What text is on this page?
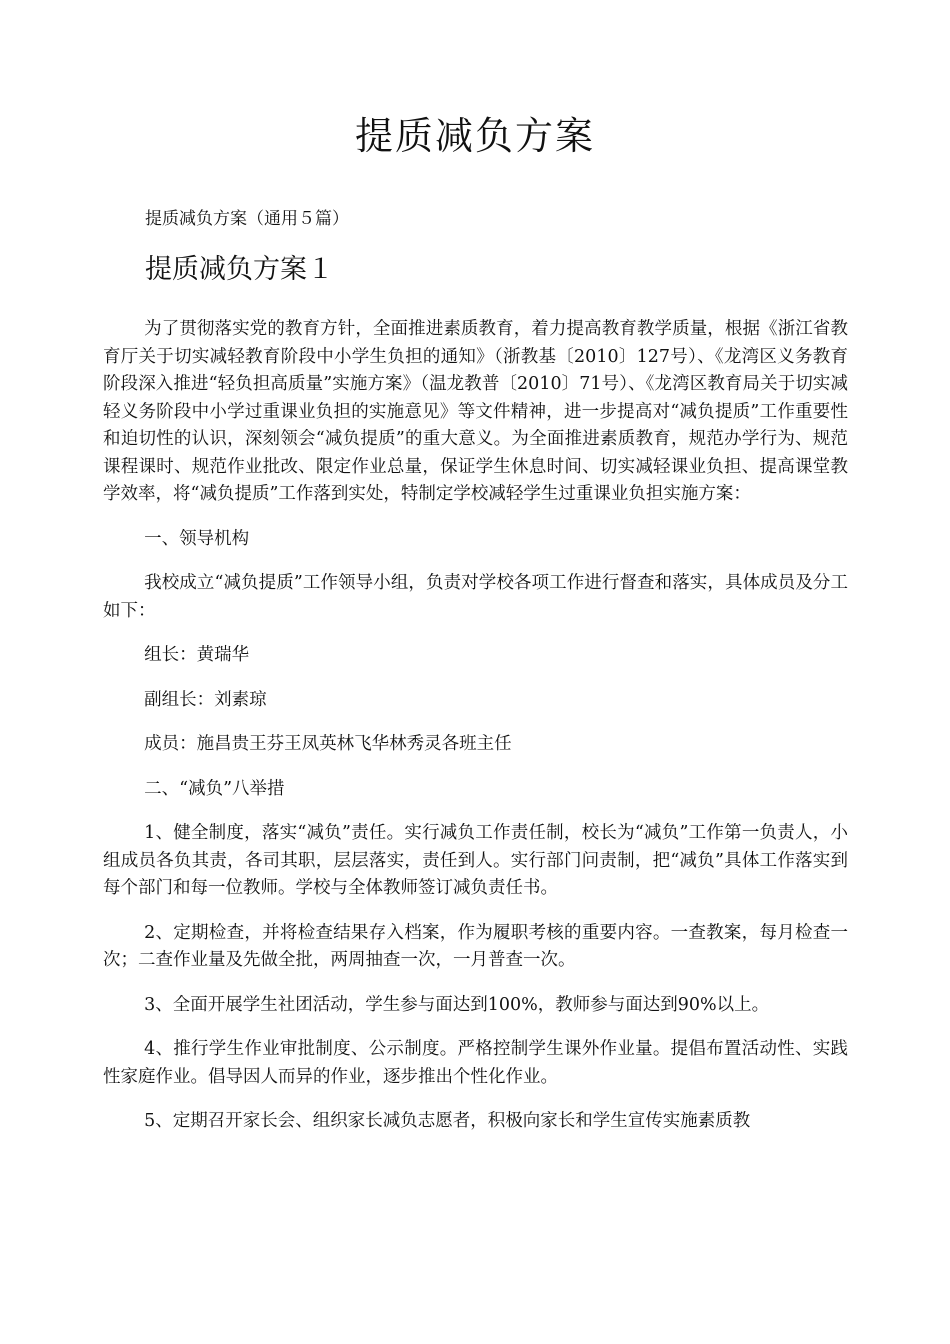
提质减负方案

提质减负方案（通用５篇）

提质减负方案１

为了贯彻落实党的教育方针，全面推进素质教育，着力提高教育教学质量，根据《浙江省教育厅关于切实减轻教育阶段中小学生负担的通知》（浙教基〔2010〕127号）、《龙湾区义务教育阶段深入推进“轻负担高质量”实施方案》（温龙教普〔2010〕71号）、《龙湾区教育局关于切实减轻义务阶段中小学过重课业负担的实施意见》等文件精神，进一步提高对“减负提质”工作重要性和迫切性的认识，深刻领会“减负提质”的重大意义。为全面推进素质教育，规范办学行为、规范课程课时、规范作业批改、限定作业总量，保证学生休息时间、切实减轻课业负担、提高课堂教学效率，将“减负提质”工作落到实处，特制定学校减轻学生过重课业负担实施方案：

一、领导机构

我校成立“减负提质”工作领导小组，负责对学校各项工作进行督查和落实，具体成员及分工如下：

组长：黄瑞华

副组长：刘素琼

成员：施昌贵王芬王凤英林飞华林秀灵各班主任

二、“减负”八举措

1、健全制度，落实“减负”责任。实行减负工作责任制，校长为“减负”工作第一负责人，小组成员各负其责，各司其职，层层落实，责任到人。实行部门问责制，把“减负”具体工作落实到每个部门和每一位教师。学校与全体教师签订减负责任书。

2、定期检查，并将检查结果存入档案，作为履职考核的重要内容。一查教案，每月检查一次；二查作业量及先做全批，两周抽查一次，一月普查一次。

3、全面开展学生社团活动，学生参与面达到100%，教师参与面达到90%以上。

4、推行学生作业审批制度、公示制度。严格控制学生课外作业量。提倡布置活动性、实践性家庭作业。倡导因人而异的作业，逐步推出个性化作业。

5、定期召开家长会、组织家长减负志愿者，积极向家长和学生宣传实施素质教
